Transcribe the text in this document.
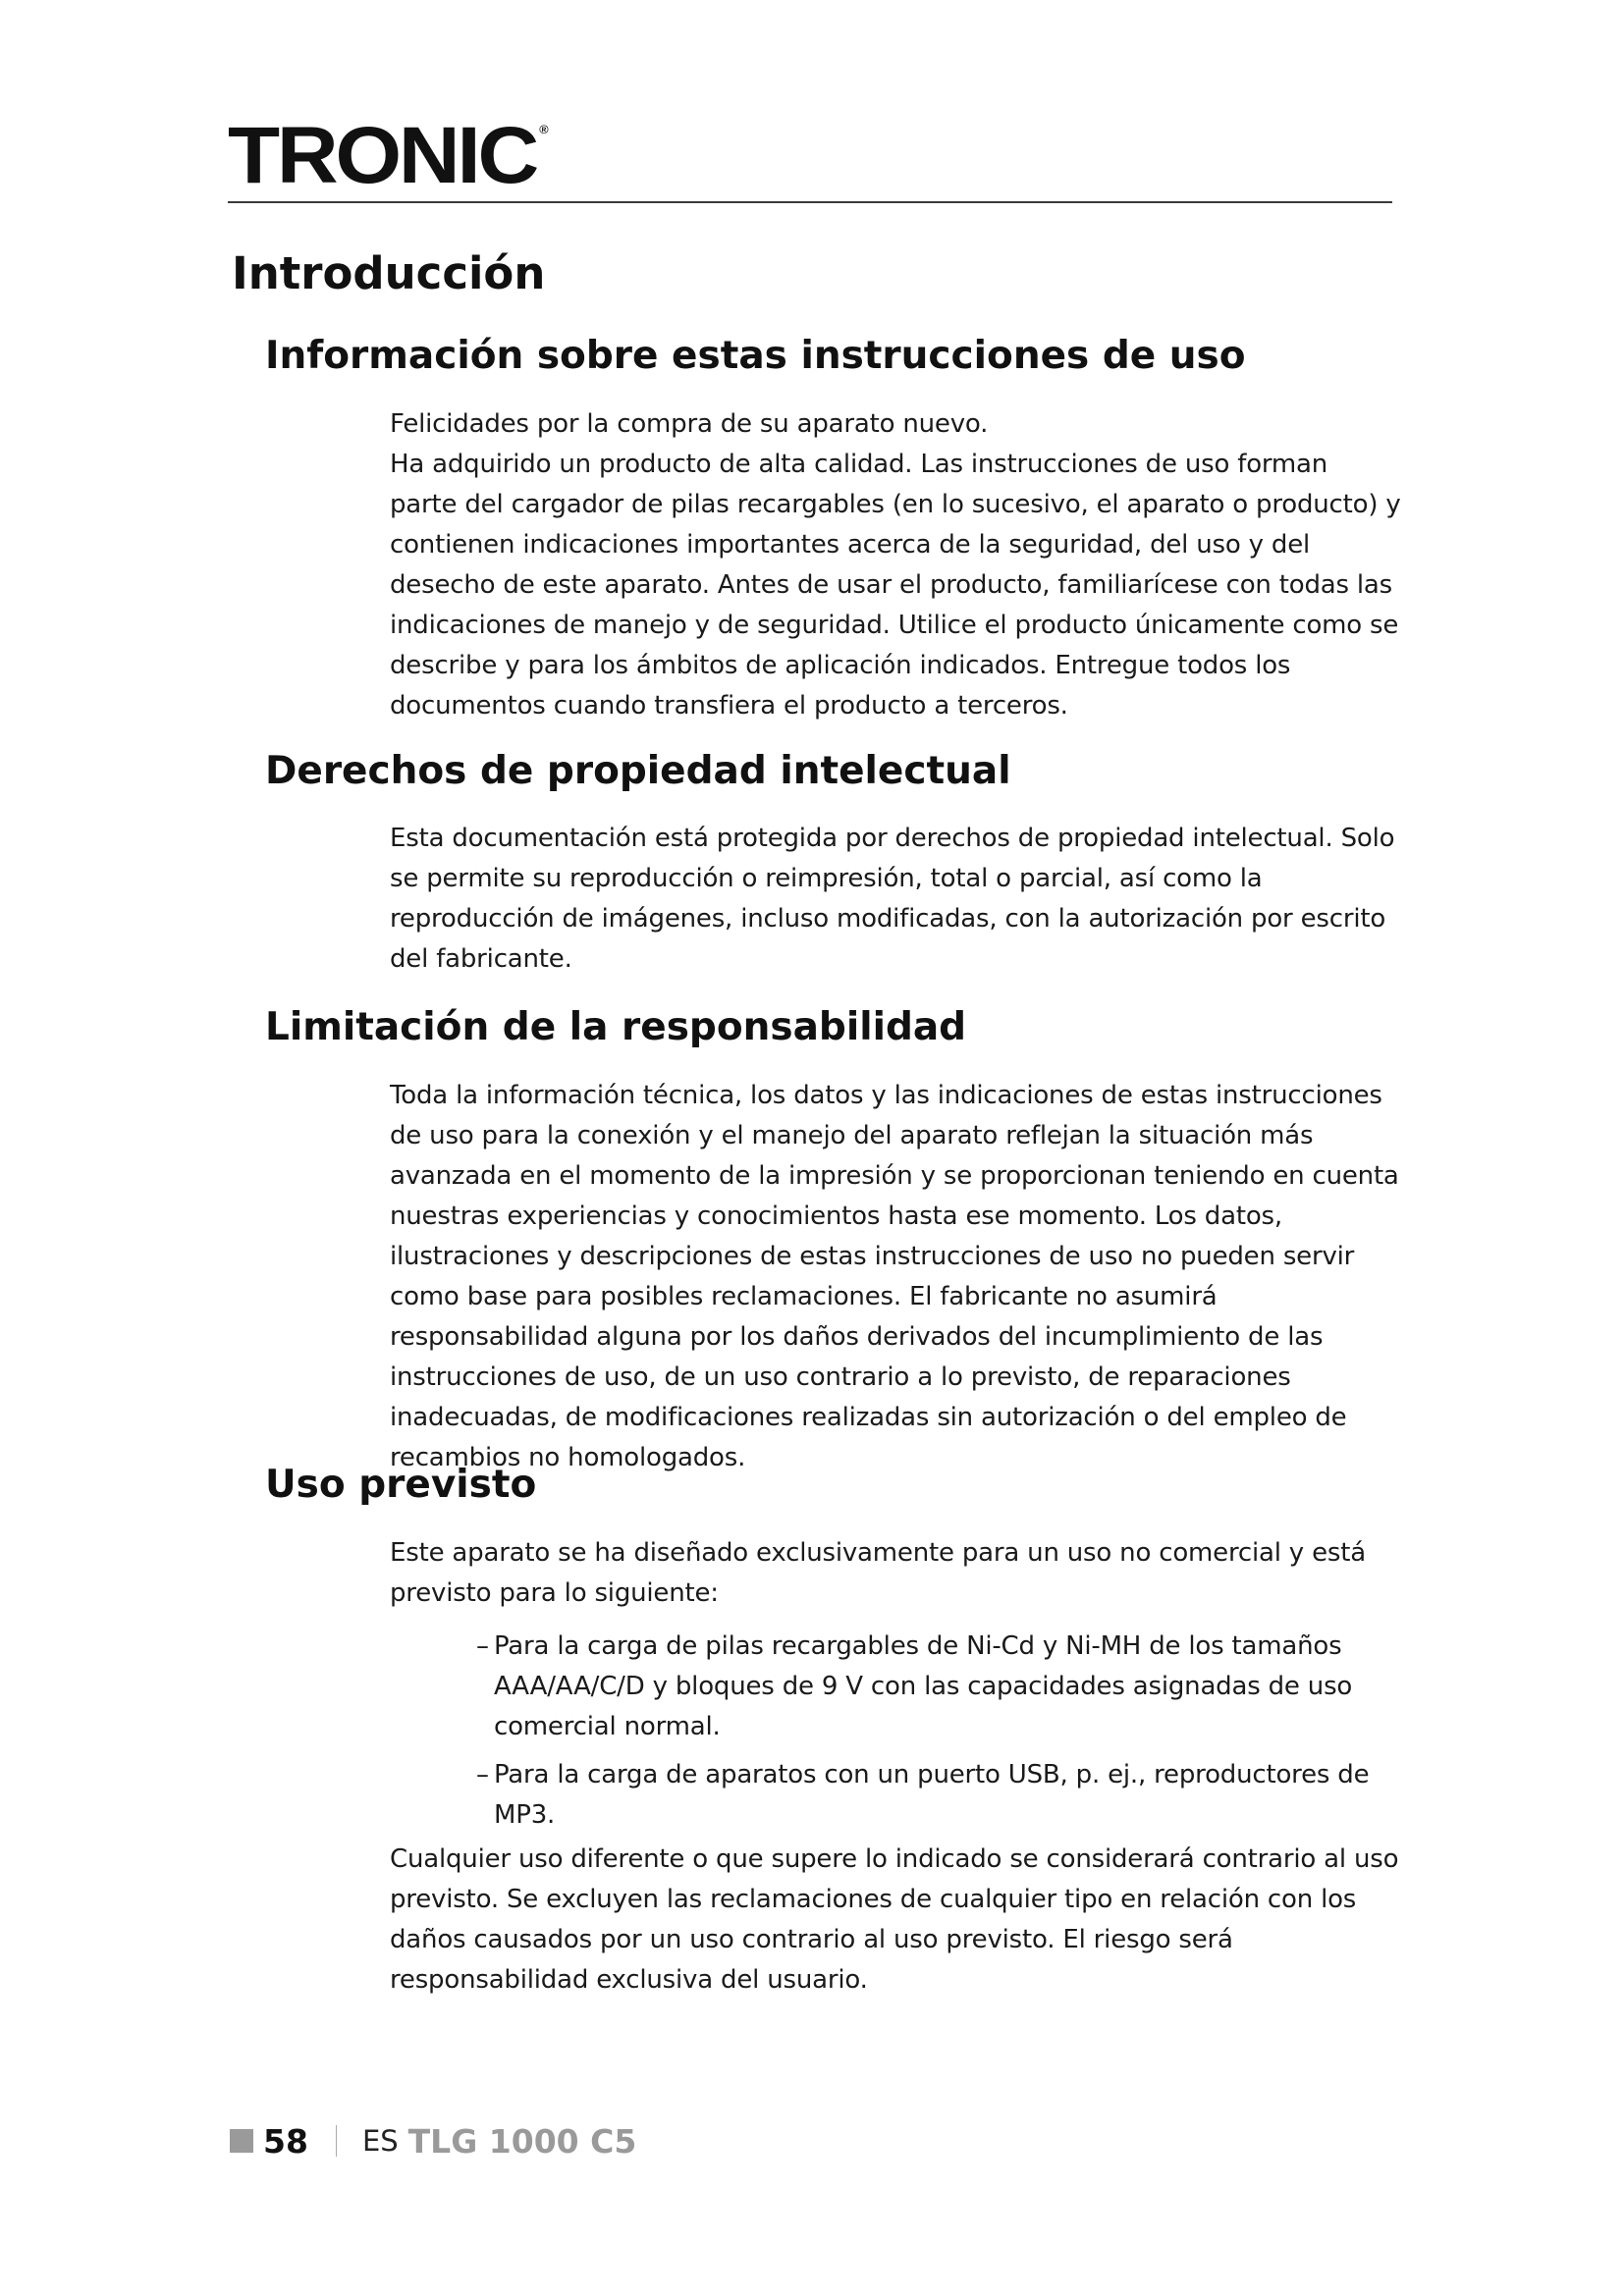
TRONIC ®
Introducción
Información sobre estas instrucciones de uso

Felicidades por la compra de su aparato nuevo.

Ha adquirido un producto de alta calidad. Las instrucciones de uso forman parte del cargador de pilas recargables (en lo sucesivo, el aparato o producto) y contienen indicaciones importantes acerca de la seguridad, del uso y del desecho de este aparato. Antes de usar el producto, familiarícese con todas las indicaciones de manejo y de seguridad. Utilice el producto únicamente como se describe y para los ámbitos de aplicación indicados. Entregue todos los documentos cuando transfiera el producto a terceros.

Derechos de propiedad intelectual

Esta documentación está protegida por derechos de propiedad intelectual. Solo se permite su reproducción o reimpresión, total o parcial, así como la reproducción de imágenes, incluso modificadas, con la autorización por escrito del fabricante.

Limitación de la responsabilidad

Toda la información técnica, los datos y las indicaciones de estas instrucciones de uso para la conexión y el manejo del aparato reflejan la situación más avanzada en el momento de la impresión y se proporcionan teniendo en cuenta nuestras experiencias y conocimientos hasta ese momento. Los datos, ilustraciones y descripciones de estas instrucciones de uso no pueden servir como base para posibles reclamaciones. El fabricante no asumirá responsabilidad alguna por los daños derivados del incumplimiento de las instrucciones de uso, de un uso contrario a lo previsto, de reparaciones inadecuadas, de modificaciones realizadas sin autorización o del empleo de recambios no homologados.

Uso previsto

Este aparato se ha diseñado exclusivamente para un uso no comercial y está previsto para lo siguiente:

– Para la carga de pilas recargables de Ni-Cd y Ni-MH de los tamaños AAA/AA/C/D y bloques de 9 V con las capacidades asignadas de uso comercial normal.
– Para la carga de aparatos con un puerto USB, p. ej., reproductores de MP3.

Cualquier uso diferente o que supere lo indicado se considerará contrario al uso previsto. Se excluyen las reclamaciones de cualquier tipo en relación con los daños causados por un uso contrario al uso previsto. El riesgo será responsabilidad exclusiva del usuario.

58 ES TLG 1000 C5
